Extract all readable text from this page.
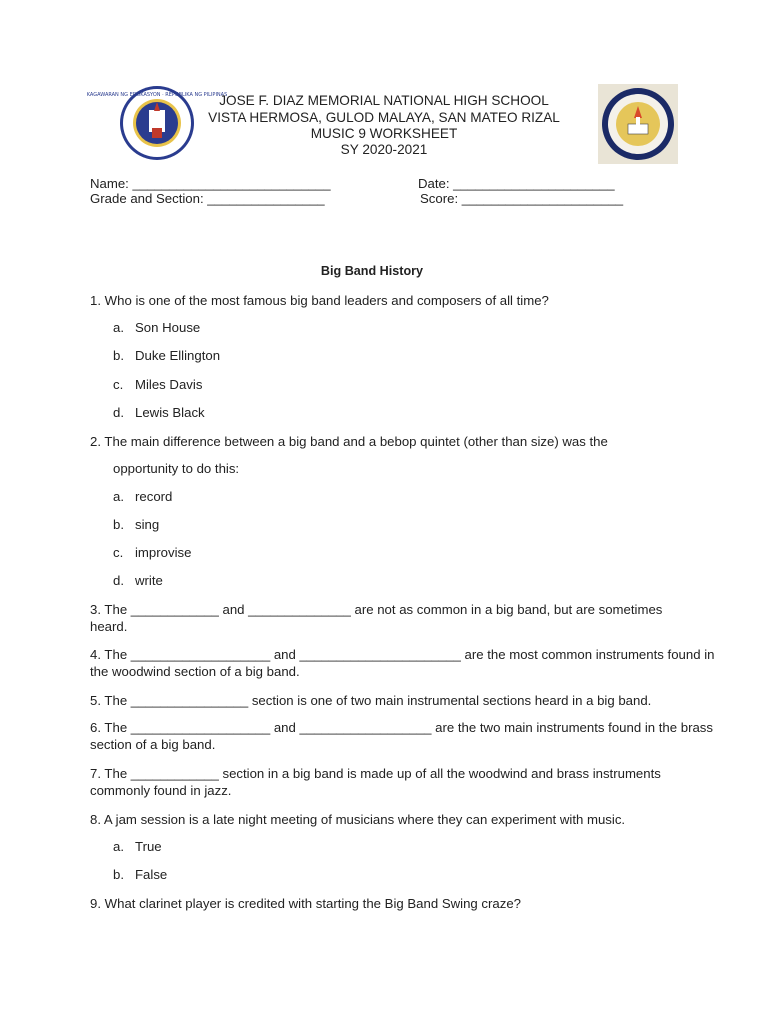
KAGAWARAN NG EDUKASYON · REPUBLIKA NG PILIPINAS
JOSE F. DIAZ MEMORIAL NATIONAL HIGH SCHOOL
VISTA HERMOSA, GULOD MALAYA, SAN MATEO RIZAL
MUSIC 9 WORKSHEET
SY 2020-2021
Name: ___________________________	Date: ______________________
Grade and Section: ________________	Score: ______________________
Big Band History
1. Who is one of the most famous big band leaders and composers of all time?
a. Son House
b. Duke Ellington
c. Miles Davis
d. Lewis Black
2. The main difference between a big band and a bebop quintet (other than size) was the
opportunity to do this:
a. record
b. sing
c. improvise
d. write
3. The ____________ and ______________ are not as common in a big band, but are sometimes
heard.
4. The ___________________ and ______________________ are the most common instruments found in
the woodwind section of a big band.
5. The ________________ section is one of two main instrumental sections heard in a big band.
6. The ___________________ and __________________ are the two main instruments found in the brass
section of a big band.
7. The ____________ section in a big band is made up of all the woodwind and brass instruments
commonly found in jazz.
8. A jam session is a late night meeting of musicians where they can experiment with music.
a. True
b. False
9. What clarinet player is credited with starting the Big Band Swing craze?
